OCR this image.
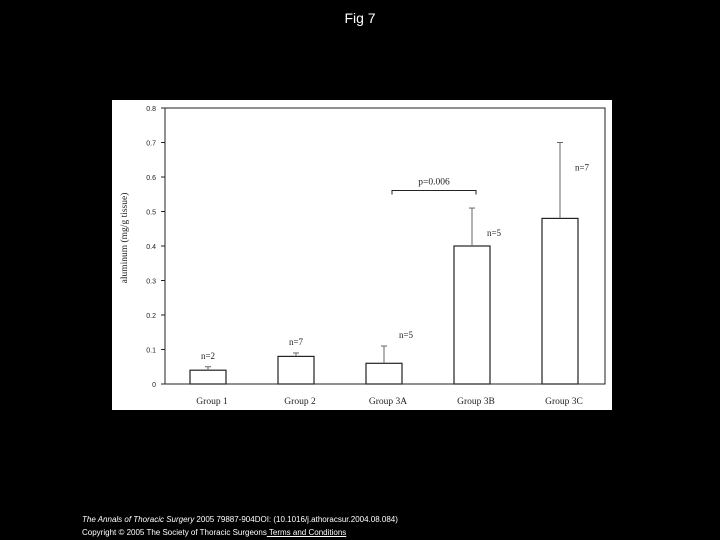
Fig 7
0
0.1
0.2
0.3
0.4
0.5
0.6
0.7
0.8
aluminum (mg/g tissue)
n=2
Group 1
n=7
Group 2
n=5
Group 3A
n=5
Group 3B
n=7
Group 3C
p=0.006
The Annals of Thoracic Surgery 2005 79887-904DOI: (10.1016/j.athoracsur.2004.08.084)
Copyright © 2005 The Society of Thoracic Surgeons Terms and Conditions
